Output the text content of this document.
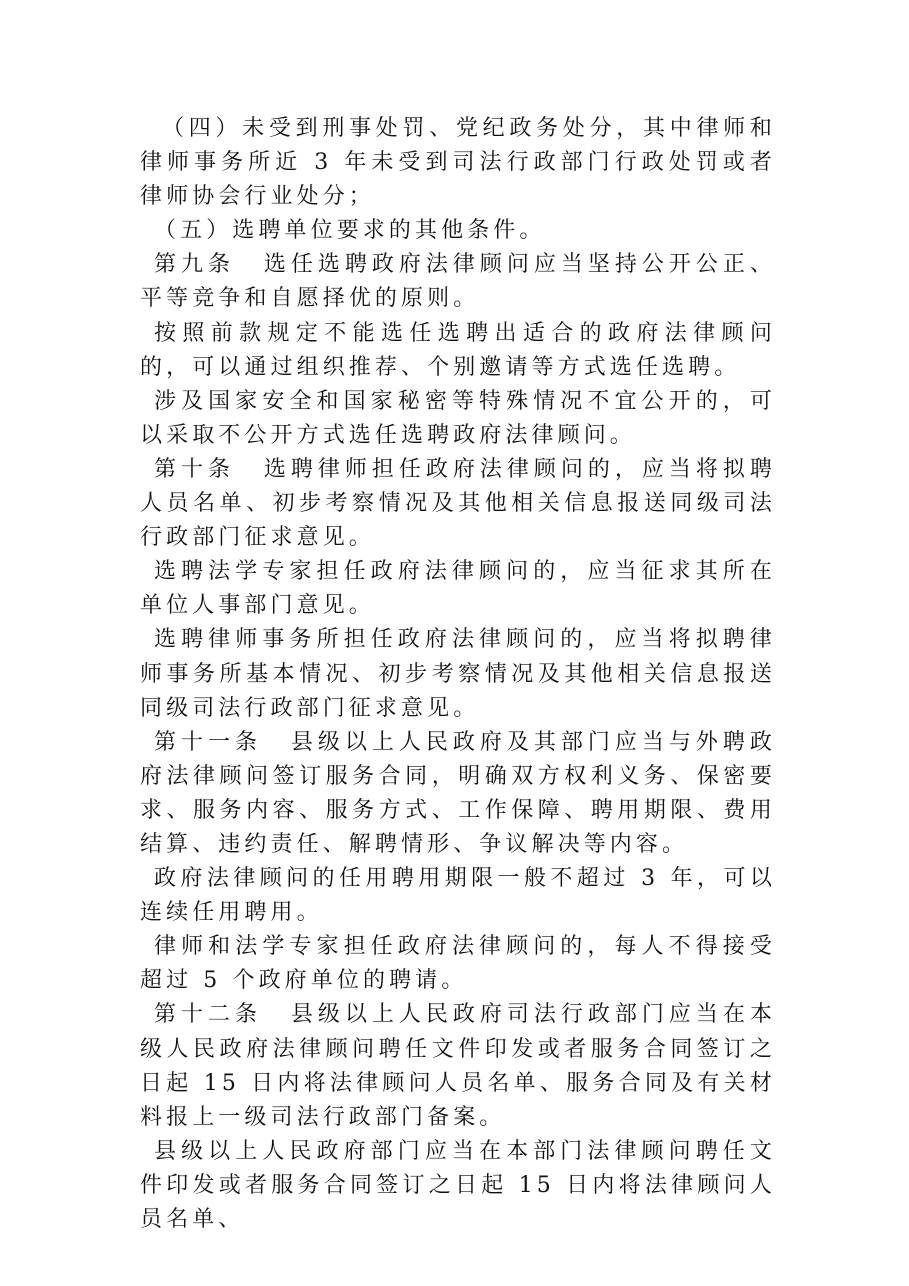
（四）未受到刑事处罚、党纪政务处分，其中律师和律师事务所近 3 年未受到司法行政部门行政处罚或者律师协会行业处分；

（五）选聘单位要求的其他条件。

第九条 选任选聘政府法律顾问应当坚持公开公正、平等竞争和自愿择优的原则。

按照前款规定不能选任选聘出适合的政府法律顾问的，可以通过组织推荐、个别邀请等方式选任选聘。

涉及国家安全和国家秘密等特殊情况不宜公开的，可以采取不公开方式选任选聘政府法律顾问。

第十条 选聘律师担任政府法律顾问的，应当将拟聘人员名单、初步考察情况及其他相关信息报送同级司法行政部门征求意见。

选聘法学专家担任政府法律顾问的，应当征求其所在单位人事部门意见。

选聘律师事务所担任政府法律顾问的，应当将拟聘律师事务所基本情况、初步考察情况及其他相关信息报送同级司法行政部门征求意见。

第十一条 县级以上人民政府及其部门应当与外聘政府法律顾问签订服务合同，明确双方权利义务、保密要求、服务内容、服务方式、工作保障、聘用期限、费用结算、违约责任、解聘情形、争议解决等内容。

政府法律顾问的任用聘用期限一般不超过 3 年，可以连续任用聘用。

律师和法学专家担任政府法律顾问的，每人不得接受超过 5 个政府单位的聘请。

第十二条 县级以上人民政府司法行政部门应当在本级人民政府法律顾问聘任文件印发或者服务合同签订之日起 15 日内将法律顾问人员名单、服务合同及有关材料报上一级司法行政部门备案。

县级以上人民政府部门应当在本部门法律顾问聘任文件印发或者服务合同签订之日起 15 日内将法律顾问人员名单、
